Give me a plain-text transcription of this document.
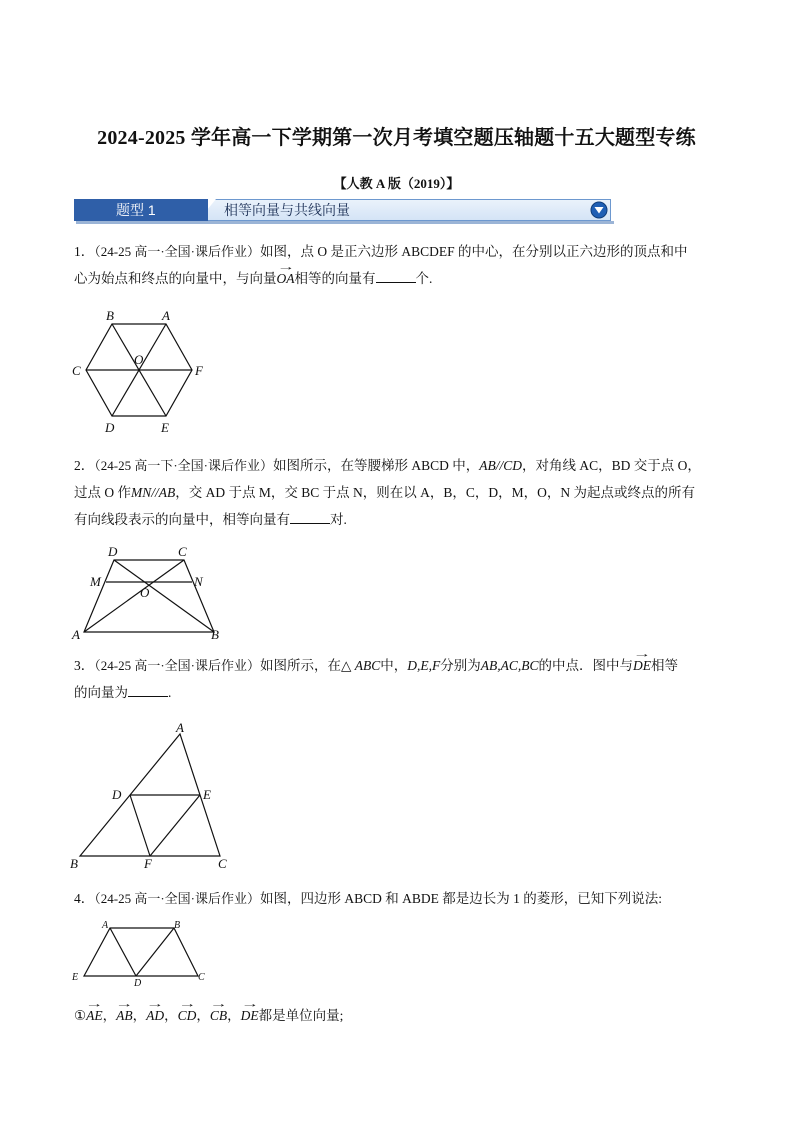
2024-2025 学年高一下学期第一次月考填空题压轴题十五大题型专练
【人教 A 版（2019）】
题型 1	相等向量与共线向量
1．（24-25 高一·全国·课后作业）如图，点 O 是正六边形 ABCDEF 的中心，在分别以正六边形的顶点和中
心为始点和终点的向量中，与向量→ OA相等的向量有	个.
B	A
O
C	F
D	E
2．（24-25 高一下·全国·课后作业）如图所示，在等腰梯形 ABCD 中，AB//CD，对角线 AC，BD 交于点 O，
过点 O 作MN//AB，交 AD 于点 M，交 BC 于点 N，则在以 A，B，C，D，M，O，N 为起点或终点的所有
有向线段表示的向量中，相等向量有	对.
D	C
M	N
O
A	B
3．（24-25 高一·全国·课后作业）如图所示，在△ ABC中，D,E,F分别为AB,AC,BC的中点．图中与→ DE相等
的向量为	.
A
D	E
B	F	C
4．（24-25 高一·全国·课后作业）如图，四边形 ABCD 和 ABDE 都是边长为 1 的菱形，已知下列说法:
A	B
E
D
C
①→ AE，→ AB，→ AD，→ CD，→ CB，→ DE都是单位向量;
